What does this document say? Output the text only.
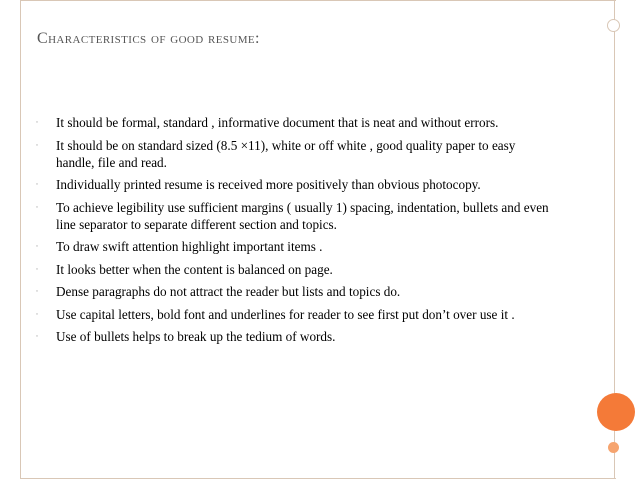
Characteristics of good resume:
· It should be formal, standard , informative document that is neat and without errors.
· It should be on standard sized (8.5 ×11), white or off white , good quality paper to easy handle, file and read.
· Individually printed resume is received more positively than obvious photocopy.
· To achieve legibility use sufficient margins ( usually 1) spacing, indentation, bullets and even line separator to separate different section and topics.
· To draw swift attention highlight important items .
· It looks better when the content is balanced on page.
· Dense paragraphs do not attract the reader but lists and topics do.
· Use capital letters, bold font and underlines for reader to see first put don’t over use it .
· Use of bullets helps to break up the tedium of words.
